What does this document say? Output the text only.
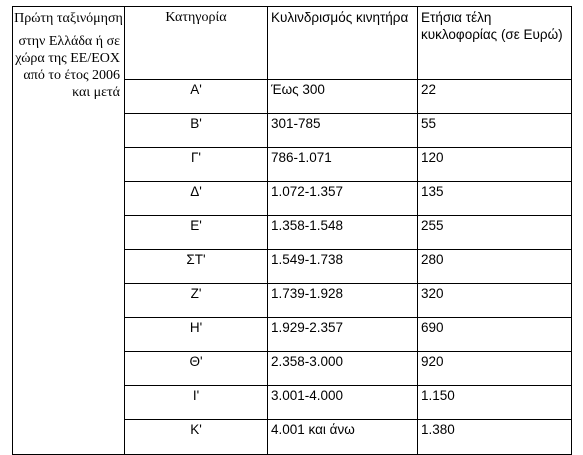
Πρώτη ταξινόμηση
στην Ελλάδα ή σε χώρα της ΕΕ/ΕΟΧ από το έτος 2006 και μετά	Κατηγορία	Κυλινδρισμός κινητήρα	Ετήσια τέλη κυκλοφορίας (σε Ευρώ)
	Α'	Έως 300	22
	Β'	301-785	55
	Γ'	786-1.071	120
	Δ'	1.072-1.357	135
	Ε'	1.358-1.548	255
	ΣΤ'	1.549-1.738	280
	Ζ'	1.739-1.928	320
	Η'	1.929-2.357	690
	Θ'	2.358-3.000	920
	Ι'	3.001-4.000	1.150
	Κ'	4.001 και άνω	1.380
